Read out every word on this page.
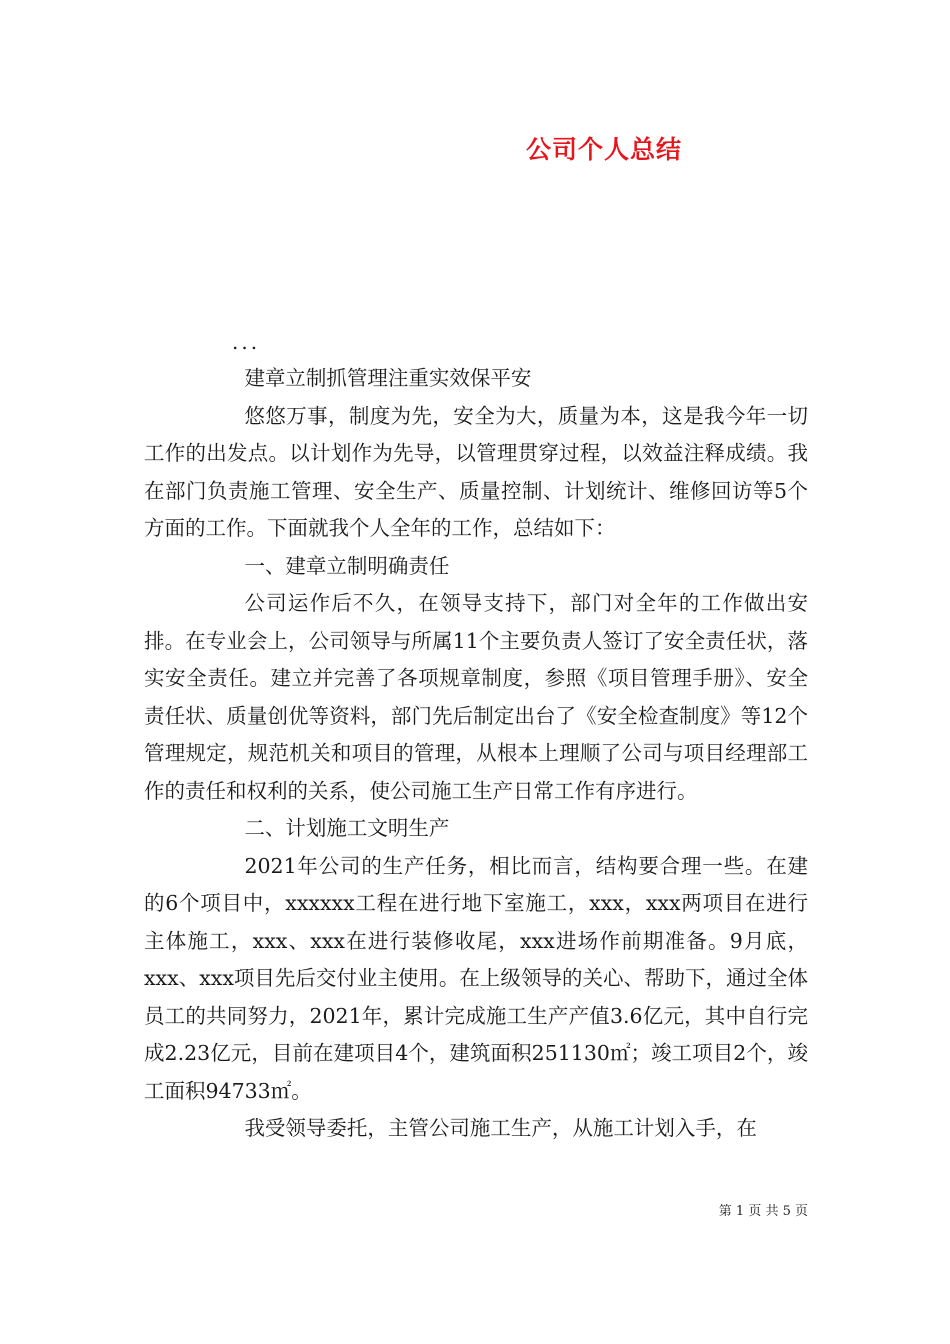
公司个人总结
...

建章立制抓管理注重实效保平安

悠悠万事，制度为先，安全为大，质量为本，这是我今年一切工作的出发点。以计划作为先导，以管理贯穿过程，以效益注释成绩。我在部门负责施工管理、安全生产、质量控制、计划统计、维修回访等5个方面的工作。下面就我个人全年的工作，总结如下：

一、建章立制明确责任

公司运作后不久，在领导支持下，部门对全年的工作做出安排。在专业会上，公司领导与所属11个主要负责人签订了安全责任状，落实安全责任。建立并完善了各项规章制度，参照《项目管理手册》、安全责任状、质量创优等资料，部门先后制定出台了《安全检查制度》等12个管理规定，规范机关和项目的管理，从根本上理顺了公司与项目经理部工作的责任和权利的关系，使公司施工生产日常工作有序进行。

二、计划施工文明生产

2021年公司的生产任务，相比而言，结构要合理一些。在建的6个项目中，xxxxxx工程在进行地下室施工，xxx，xxx两项目在进行主体施工，xxx、xxx在进行装修收尾，xxx进场作前期准备。9月底，xxx、xxx项目先后交付业主使用。在上级领导的关心、帮助下，通过全体员工的共同努力，2021年，累计完成施工生产产值3.6亿元，其中自行完成2.23亿元，目前在建项目4个，建筑面积251130㎡；竣工项目2个，竣工面积94733㎡。

我受领导委托，主管公司施工生产，从施工计划入手，在

第 1 页 共 5 页
